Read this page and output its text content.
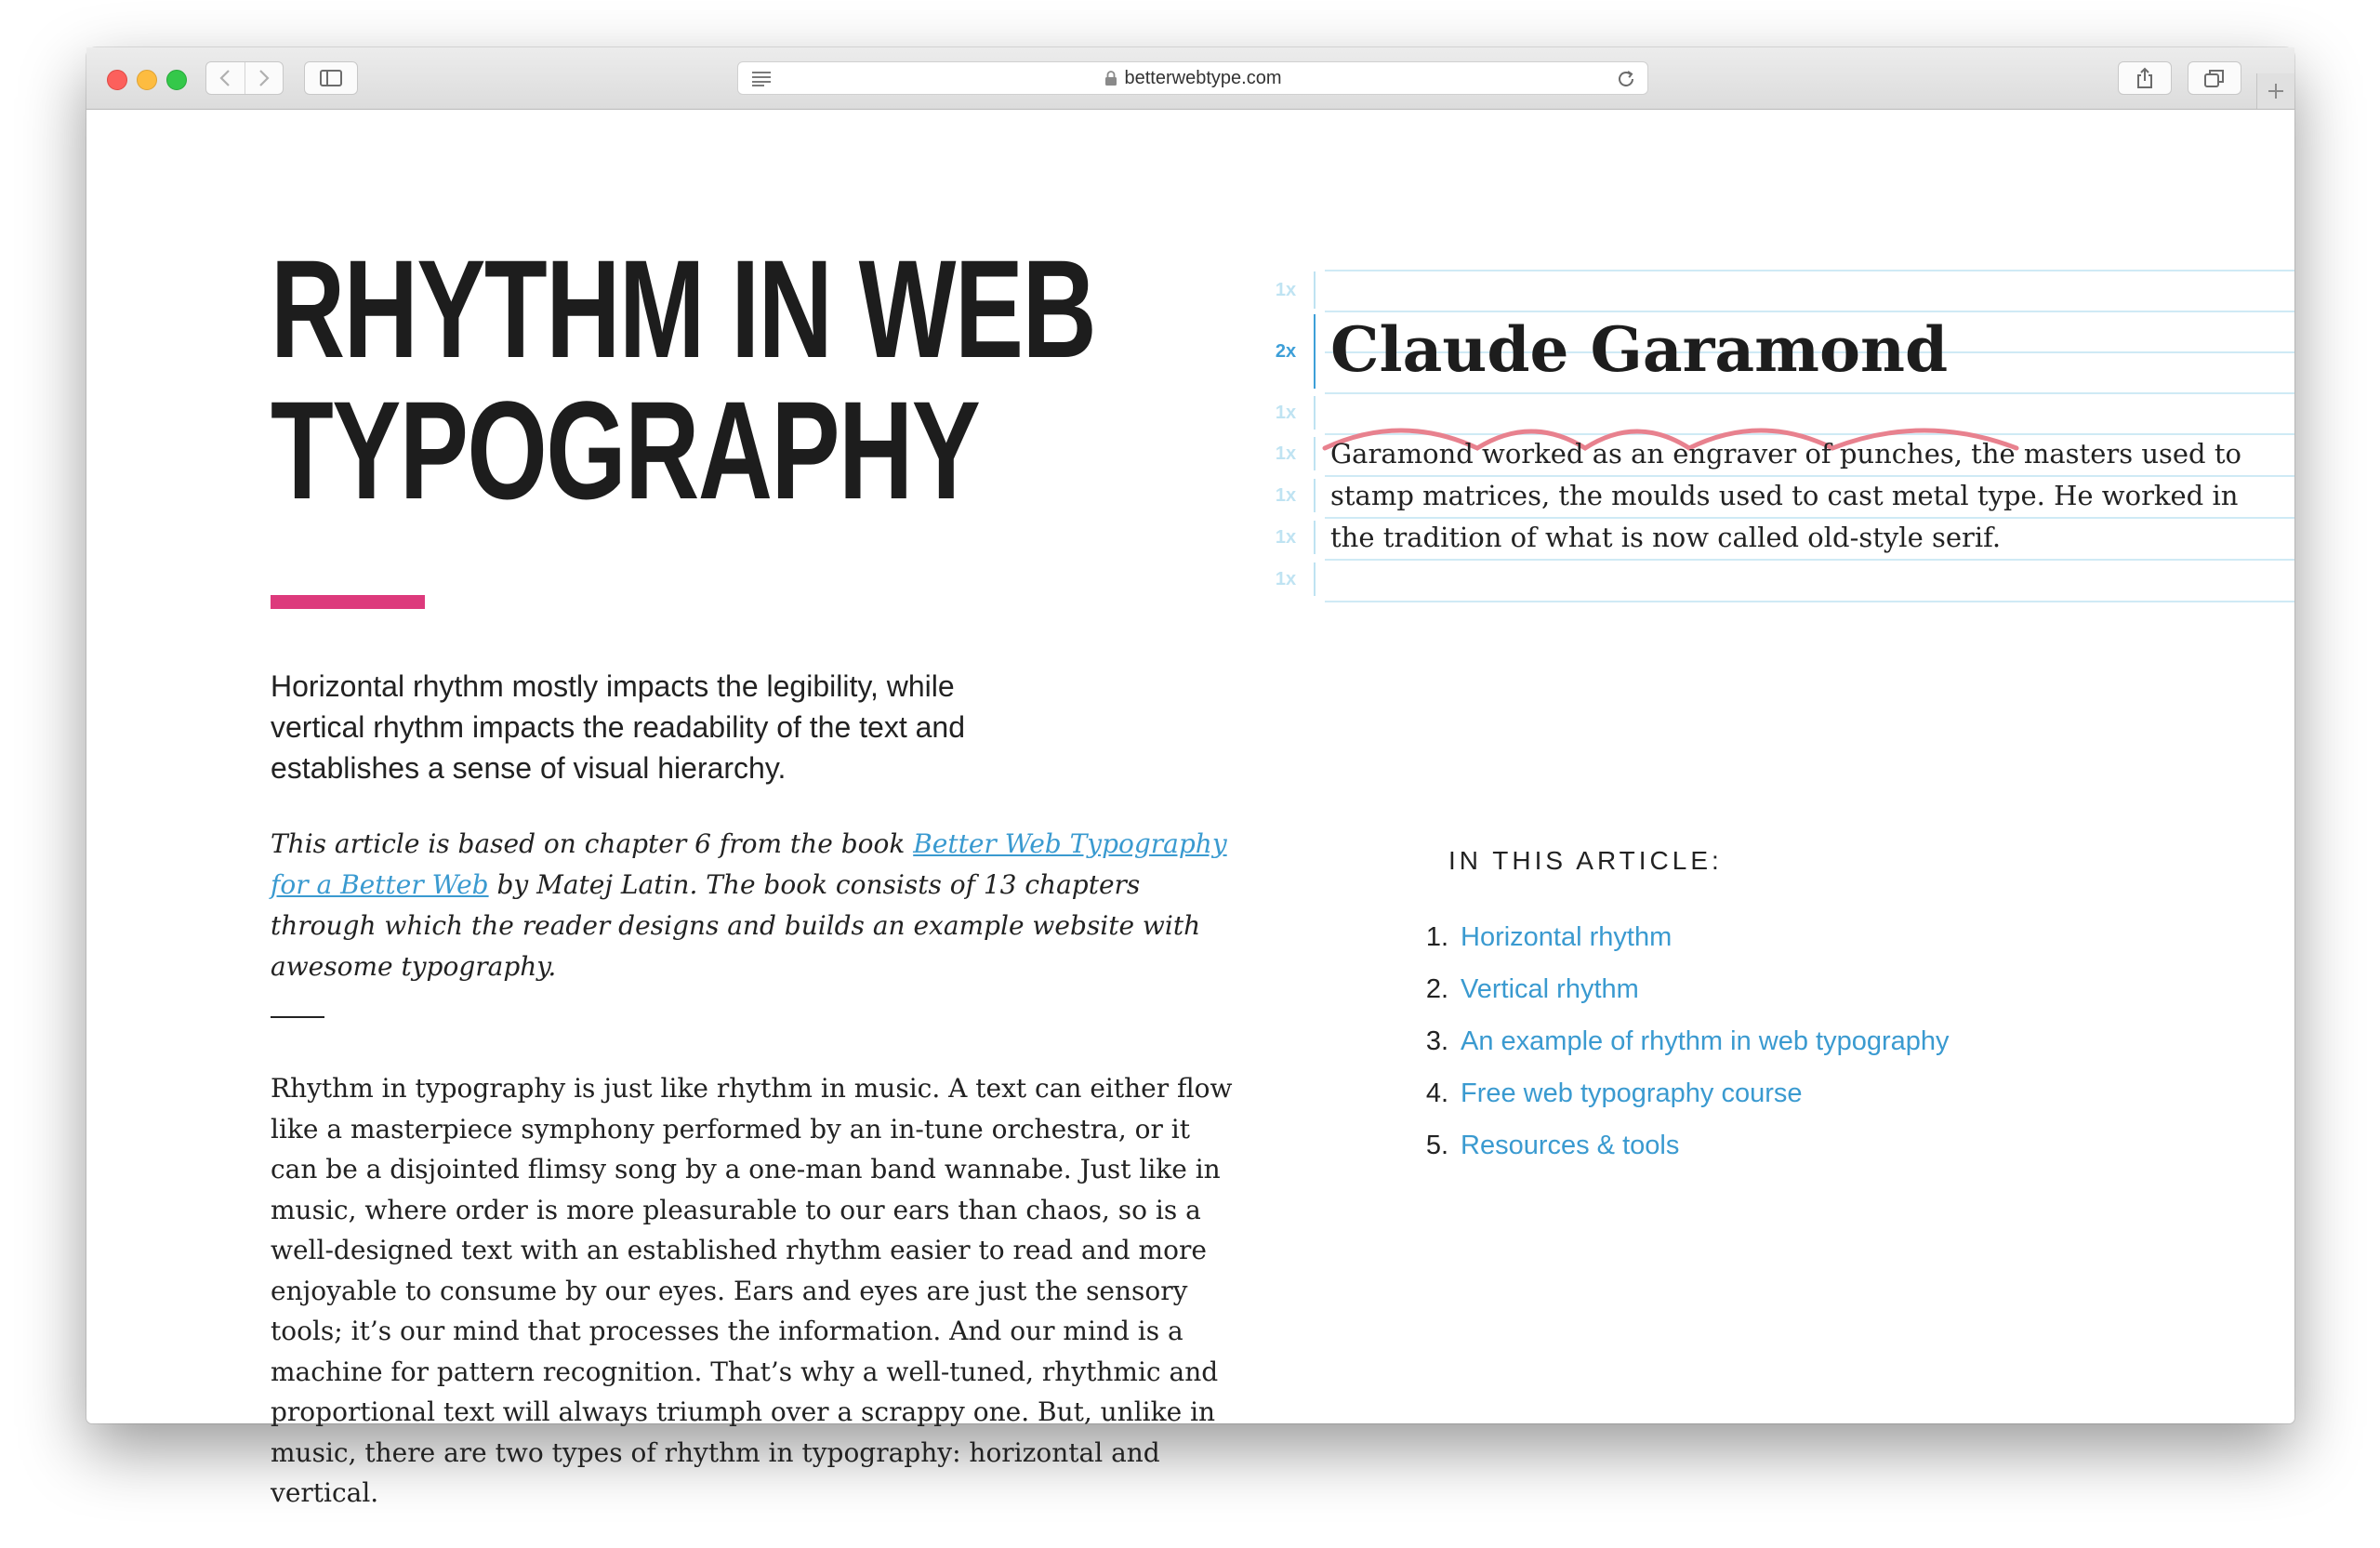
betterwebtype.com
RHYTHM IN WEB
TYPOGRAPHY

Horizontal rhythm mostly impacts the legibility, while vertical rhythm impacts the readability of the text and establishes a sense of visual hierarchy.

This article is based on chapter 6 from the book Better Web Typography for a Better Web by Matej Latin. The book consists of 13 chapters through which the reader designs and builds an example website with awesome typography.

Rhythm in typography is just like rhythm in music. A text can either flow like a masterpiece symphony performed by an in-tune orchestra, or it can be a disjointed flimsy song by a one-man band wannabe. Just like in music, where order is more pleasurable to our ears than chaos, so is a well-designed text with an established rhythm easier to read and more enjoyable to consume by our eyes. Ears and eyes are just the sensory tools; it’s our mind that processes the information. And our mind is a machine for pattern recognition. That’s why a well-tuned, rhythmic and proportional text will always triumph over a scrappy one. But, unlike in music, there are two types of rhythm in typography: horizontal and vertical.

1x
2x
1x
1x
1x
1x
1x
Claude Garamond

Garamond worked as an engraver of punches, the masters used to stamp matrices, the moulds used to cast metal type. He worked in the tradition of what is now called old-style serif.

IN THIS ARTICLE:

1. Horizontal rhythm
2. Vertical rhythm
3. An example of rhythm in web typography
4. Free web typography course
5. Resources & tools
